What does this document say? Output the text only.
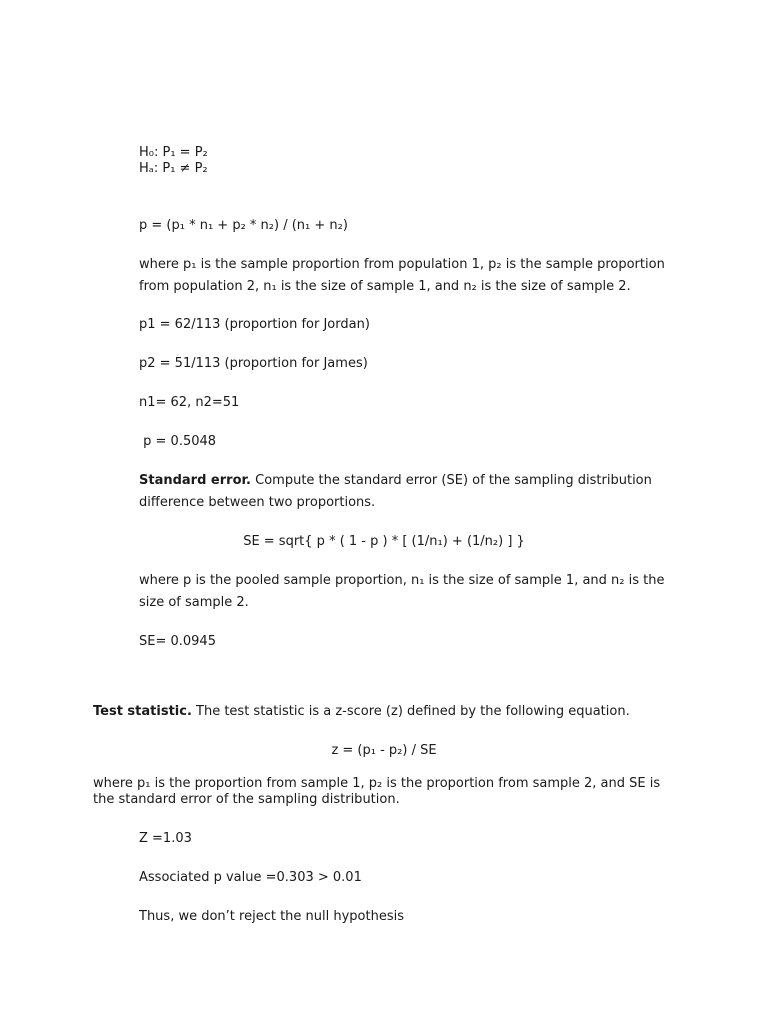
H₀: P₁ = P₂
Hₐ: P₁ ≠ P₂
p = (p₁ * n₁ + p₂ * n₂) / (n₁ + n₂)
where p₁ is the sample proportion from population 1, p₂ is the sample proportion
from population 2, n₁ is the size of sample 1, and n₂ is the size of sample 2.
p1 = 62/113 (proportion for Jordan)
p2 = 51/113 (proportion for James)
n1= 62, n2=51
p = 0.5048
Standard error. Compute the standard error (SE) of the sampling distribution
difference between two proportions.
SE = sqrt{ p * ( 1 - p ) * [ (1/n₁) + (1/n₂) ] }
where p is the pooled sample proportion, n₁ is the size of sample 1, and n₂ is the
size of sample 2.
SE= 0.0945
Test statistic. The test statistic is a z-score (z) defined by the following equation.
z = (p₁ - p₂) / SE
where p₁ is the proportion from sample 1, p₂ is the proportion from sample 2, and SE is
the standard error of the sampling distribution.
Z =1.03
Associated p value =0.303 > 0.01
Thus, we don’t reject the null hypothesis
